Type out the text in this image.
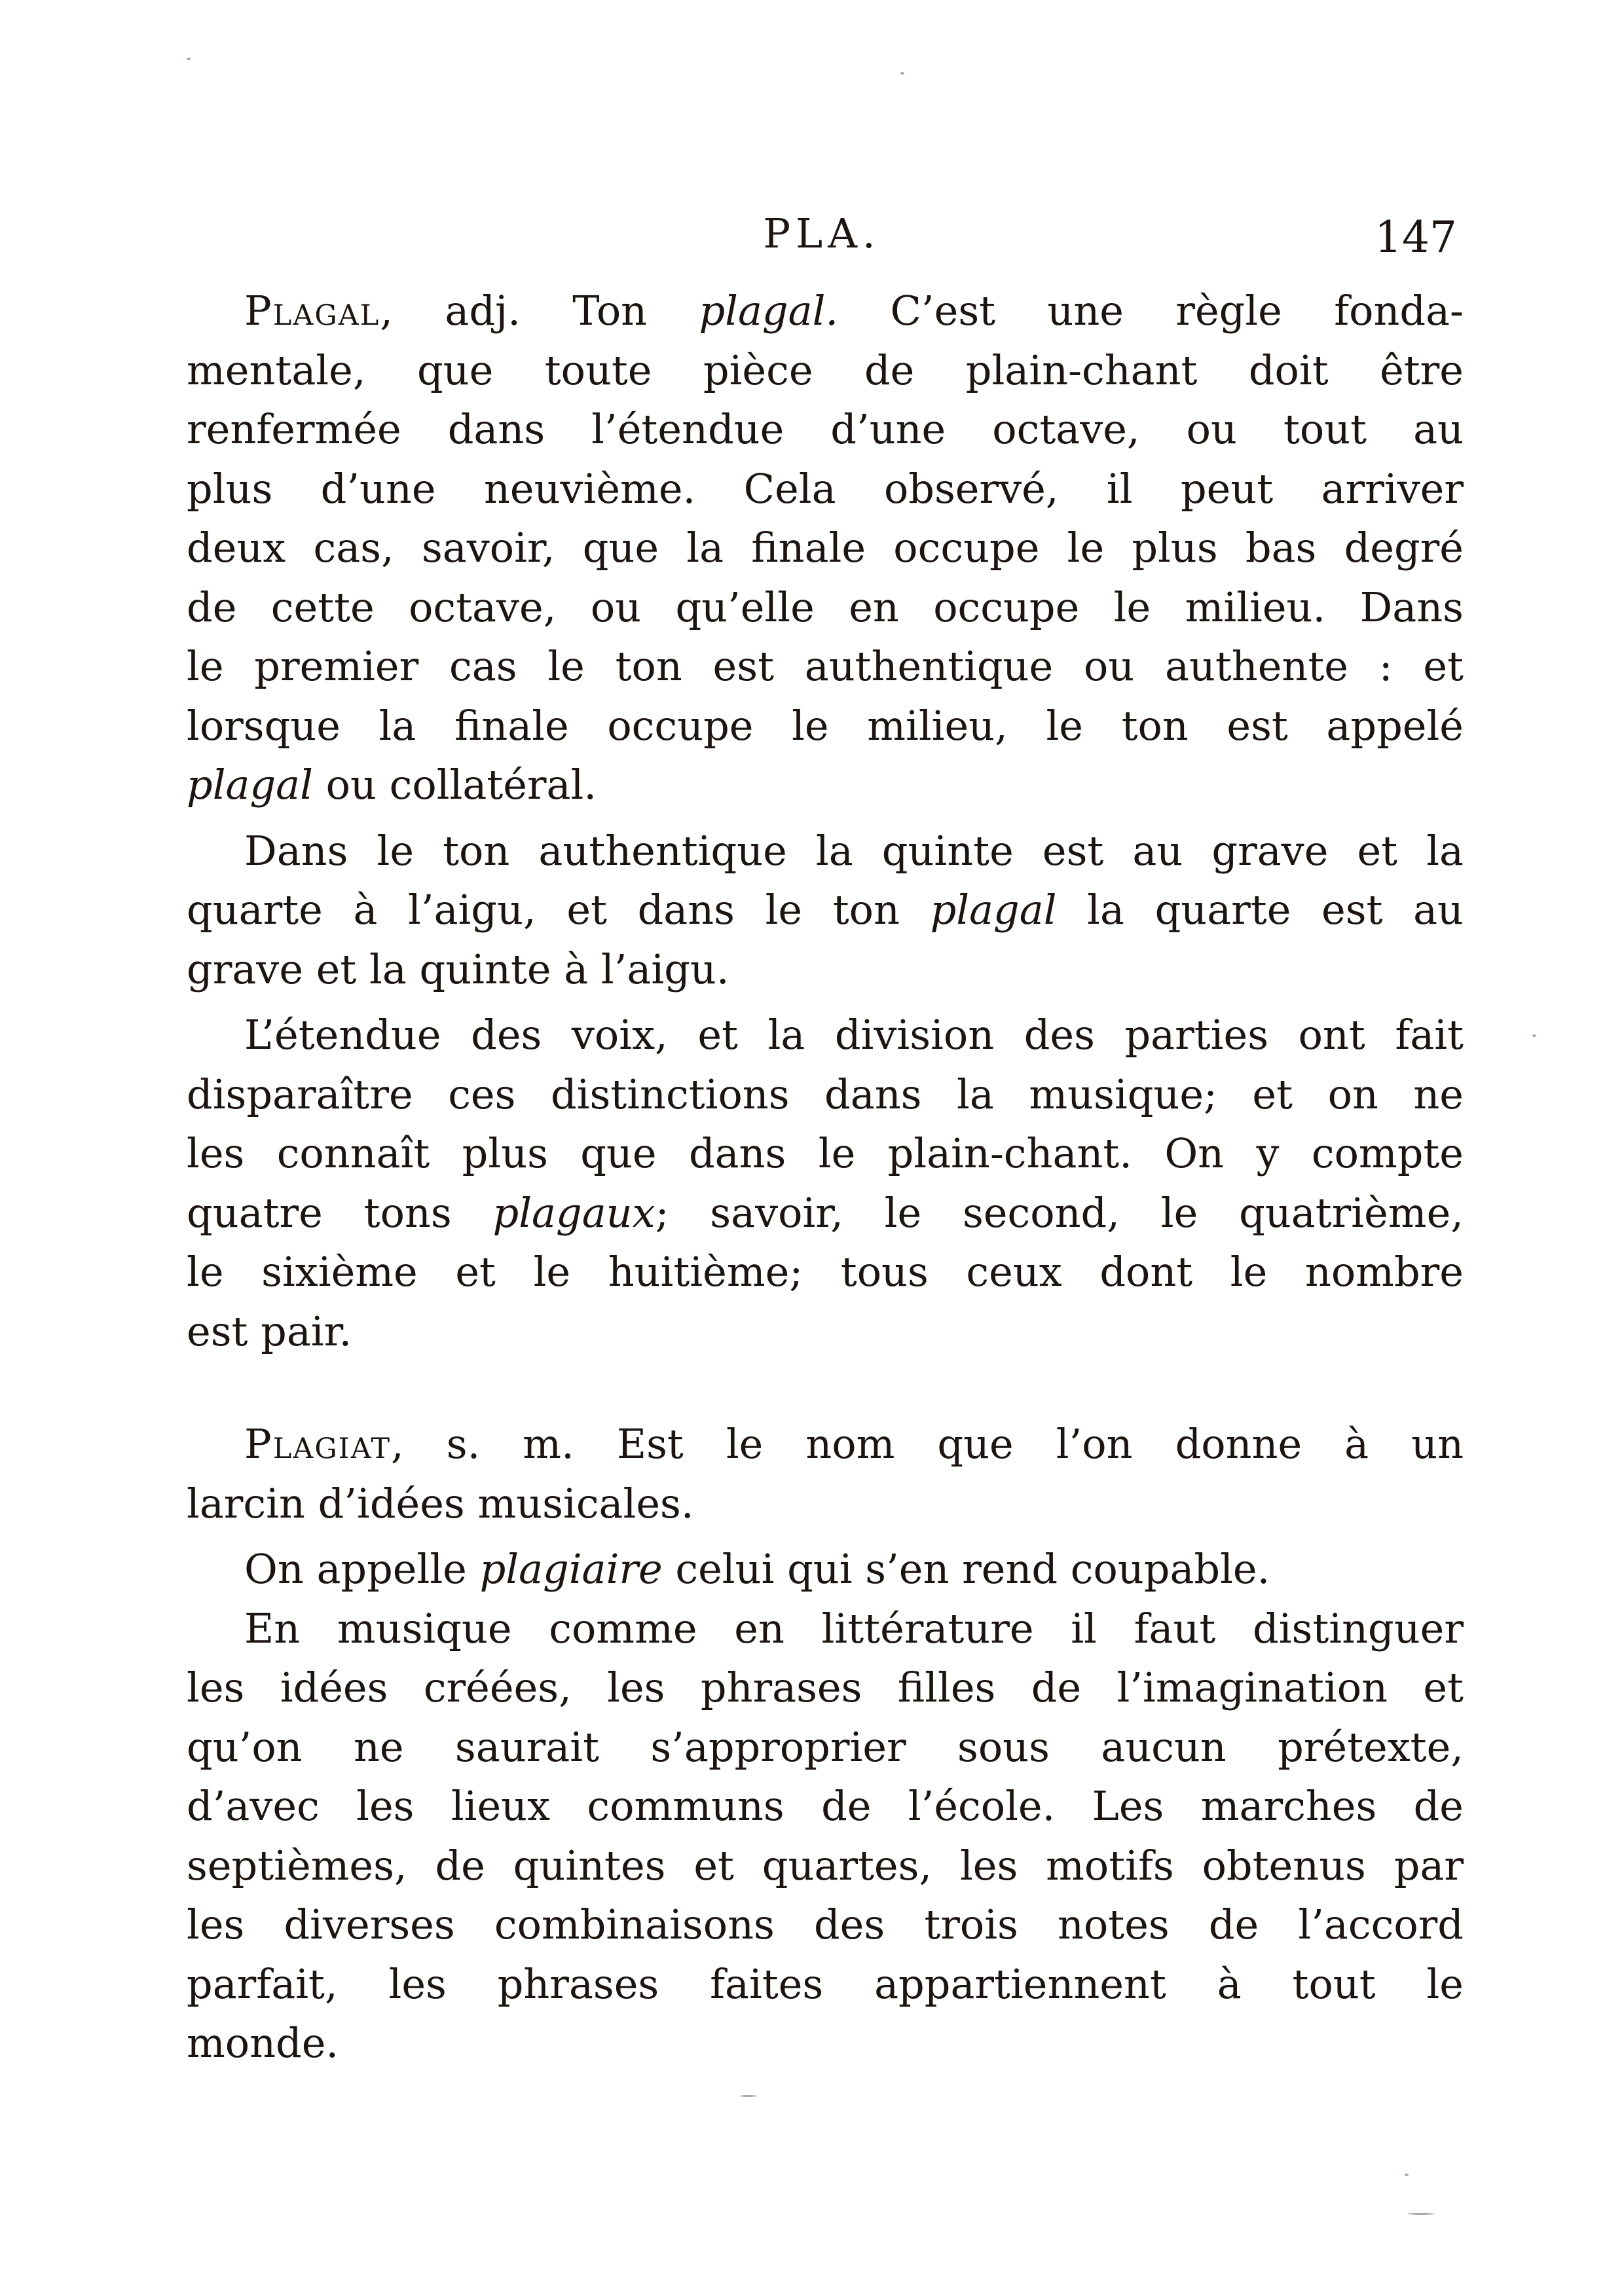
PLA.	147
Plagal, adj. Ton plagal. C’est une règle fonda-
mentale, que toute pièce de plain-chant doit être
renfermée dans l’étendue d’une octave, ou tout au
plus d’une neuvième. Cela observé, il peut arriver
deux cas, savoir, que la finale occupe le plus bas degré
de cette octave, ou qu’elle en occupe le milieu. Dans
le premier cas le ton est authentique ou authente : et
lorsque la finale occupe le milieu, le ton est appelé
plagal ou collatéral.
Dans le ton authentique la quinte est au grave et la
quarte à l’aigu, et dans le ton plagal la quarte est au
grave et la quinte à l’aigu.
L’étendue des voix, et la division des parties ont fait
disparaître ces distinctions dans la musique; et on ne
les connaît plus que dans le plain-chant. On y compte
quatre tons plagaux; savoir, le second, le quatrième,
le sixième et le huitième; tous ceux dont le nombre
est pair.
Plagiat, s. m. Est le nom que l’on donne à un
larcin d’idées musicales.
On appelle plagiaire celui qui s’en rend coupable.
En musique comme en littérature il faut distinguer
les idées créées, les phrases filles de l’imagination et
qu’on ne saurait s’approprier sous aucun prétexte,
d’avec les lieux communs de l’école. Les marches de
septièmes, de quintes et quartes, les motifs obtenus par
les diverses combinaisons des trois notes de l’accord
parfait, les phrases faites appartiennent à tout le
monde.
